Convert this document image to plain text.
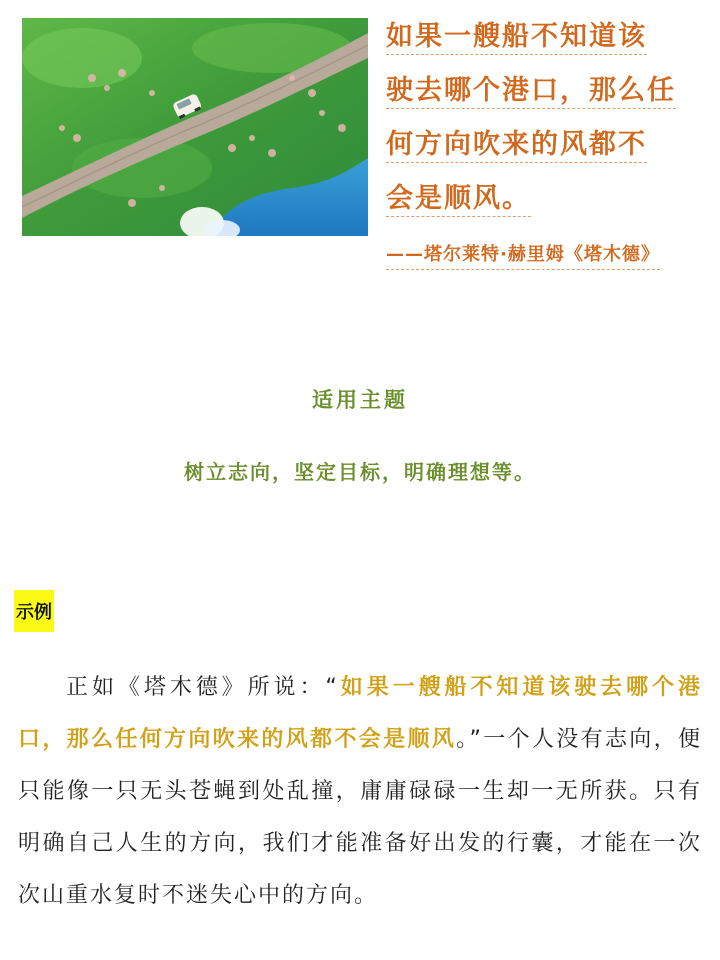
如果一艘船不知道该
驶去哪个港口，那么任
何方向吹来的风都不
会是顺风。

——塔尔莱特·赫里姆《塔木德》
适用主题
树立志向，坚定目标，明确理想等。
示例

正如《塔木德》所说：“如果一艘船不知道该驶去哪个港口，那么任何方向吹来的风都不会是顺风。”一个人没有志向，便只能像一只无头苍蝇到处乱撞，庸庸碌碌一生却一无所获。只有明确自己人生的方向，我们才能准备好出发的行囊，才能在一次次山重水复时不迷失心中的方向。
